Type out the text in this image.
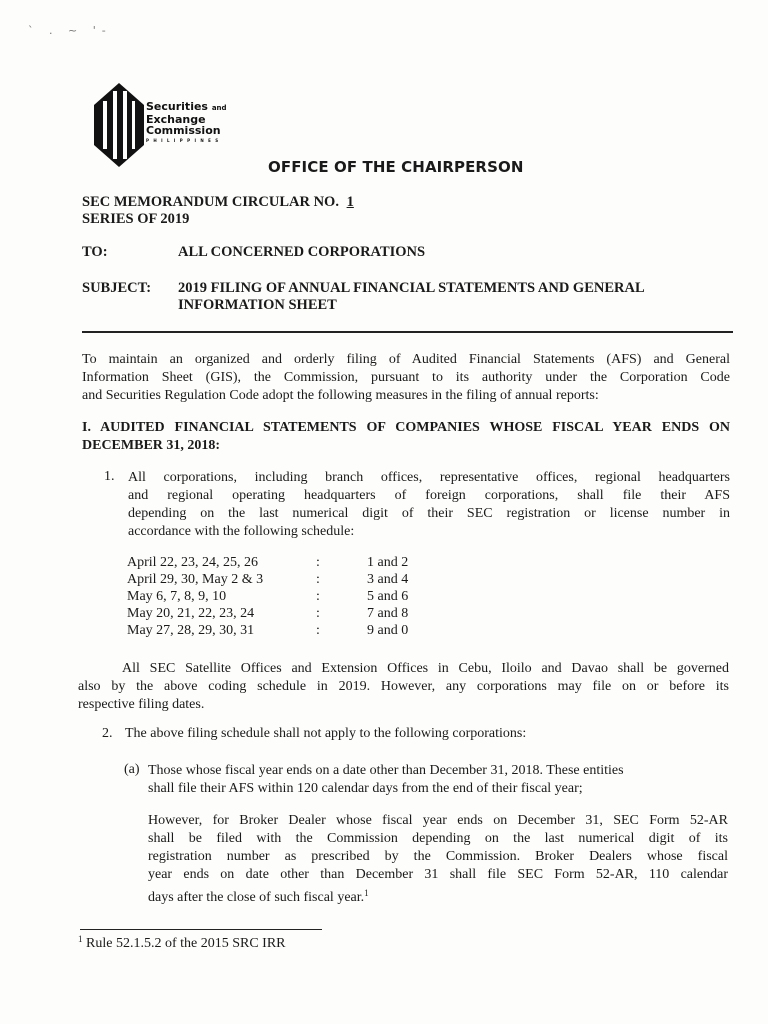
` . ~ '-
Securities and
Exchange
Commission
PHILIPPINES
OFFICE OF THE CHAIRPERSON
SEC MEMORANDUM CIRCULAR NO. 1
SERIES OF 2019
TO:	ALL CONCERNED CORPORATIONS
SUBJECT: 2019 FILING OF ANNUAL FINANCIAL STATEMENTS AND GENERAL
INFORMATION SHEET
To maintain an organized and orderly filing of Audited Financial Statements (AFS) and General
Information Sheet (GIS), the Commission, pursuant to its authority under the Corporation Code
and Securities Regulation Code adopt the following measures in the filing of annual reports:
I. AUDITED FINANCIAL STATEMENTS OF COMPANIES WHOSE FISCAL YEAR ENDS ON
DECEMBER 31, 2018:
1. All corporations, including branch offices, representative offices, regional headquarters
and regional operating headquarters of foreign corporations, shall file their AFS
depending on the last numerical digit of their SEC registration or license number in
accordance with the following schedule:
April 22, 23, 24, 25, 26	:	1 and 2
April 29, 30, May 2 & 3	:	3 and 4
May 6, 7, 8, 9, 10	:	5 and 6
May 20, 21, 22, 23, 24	:	7 and 8
May 27, 28, 29, 30, 31	:	9 and 0
All SEC Satellite Offices and Extension Offices in Cebu, Iloilo and Davao shall be governed
also by the above coding schedule in 2019. However, any corporations may file on or before its
respective filing dates.
2. The above filing schedule shall not apply to the following corporations:
(a) Those whose fiscal year ends on a date other than December 31, 2018. These entities
shall file their AFS within 120 calendar days from the end of their fiscal year;
However, for Broker Dealer whose fiscal year ends on December 31, SEC Form 52-AR
shall be filed with the Commission depending on the last numerical digit of its
registration number as prescribed by the Commission. Broker Dealers whose fiscal
year ends on date other than December 31 shall file SEC Form 52-AR, 110 calendar
days after the close of such fiscal year.$^1$
$^1$ Rule 52.1.5.2 of the 2015 SRC IRR
